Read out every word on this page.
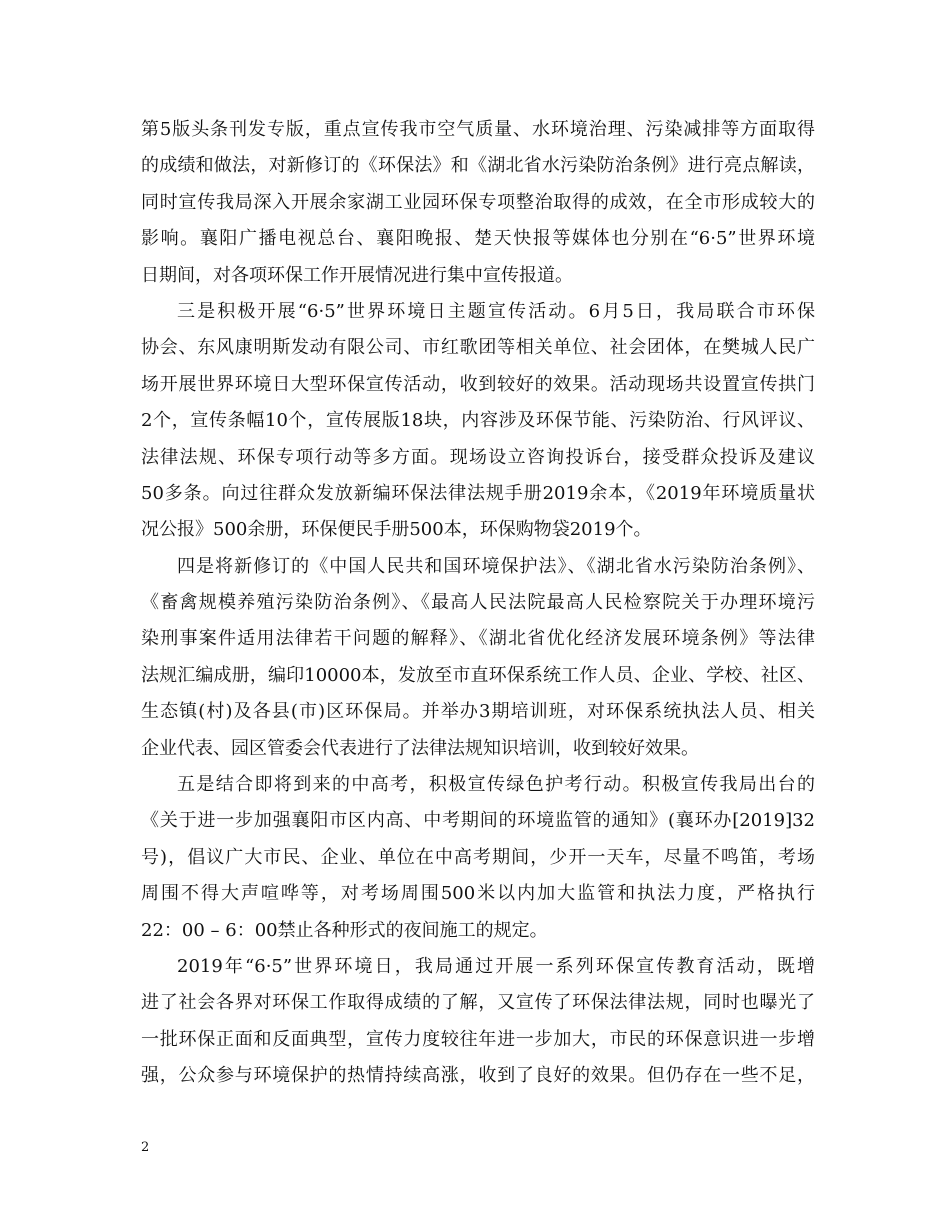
第5版头条刊发专版，重点宣传我市空气质量、水环境治理、污染减排等方面取得
的成绩和做法，对新修订的《环保法》和《湖北省水污染防治条例》进行亮点解读，
同时宣传我局深入开展余家湖工业园环保专项整治取得的成效，在全市形成较大的
影响。襄阳广播电视总台、襄阳晚报、楚天快报等媒体也分别在“6·5”世界环境
日期间，对各项环保工作开展情况进行集中宣传报道。
三是积极开展“6·5”世界环境日主题宣传活动。6月5日，我局联合市环保
协会、东风康明斯发动有限公司、市红歌团等相关单位、社会团体，在樊城人民广
场开展世界环境日大型环保宣传活动，收到较好的效果。活动现场共设置宣传拱门
2个，宣传条幅10个，宣传展版18块，内容涉及环保节能、污染防治、行风评议、
法律法规、环保专项行动等多方面。现场设立咨询投诉台，接受群众投诉及建议
50多条。向过往群众发放新编环保法律法规手册2019余本，《2019年环境质量状
况公报》500余册，环保便民手册500本，环保购物袋2019个。
四是将新修订的《中国人民共和国环境保护法》、《湖北省水污染防治条例》、
《畜禽规模养殖污染防治条例》、《最高人民法院最高人民检察院关于办理环境污
染刑事案件适用法律若干问题的解释》、《湖北省优化经济发展环境条例》等法律
法规汇编成册，编印10000本，发放至市直环保系统工作人员、企业、学校、社区、
生态镇(村)及各县(市)区环保局。并举办3期培训班，对环保系统执法人员、相关
企业代表、园区管委会代表进行了法律法规知识培训，收到较好效果。
五是结合即将到来的中高考，积极宣传绿色护考行动。积极宣传我局出台的
《关于进一步加强襄阳市区内高、中考期间的环境监管的通知》(襄环办[2019]32
号)，倡议广大市民、企业、单位在中高考期间，少开一天车，尽量不鸣笛，考场
周围不得大声喧哗等，对考场周围500米以内加大监管和执法力度，严格执行
22：00 – 6：00禁止各种形式的夜间施工的规定。
2019年“6·5”世界环境日，我局通过开展一系列环保宣传教育活动，既增
进了社会各界对环保工作取得成绩的了解，又宣传了环保法律法规，同时也曝光了
一批环保正面和反面典型，宣传力度较往年进一步加大，市民的环保意识进一步增
强，公众参与环境保护的热情持续高涨，收到了良好的效果。但仍存在一些不足，
2
